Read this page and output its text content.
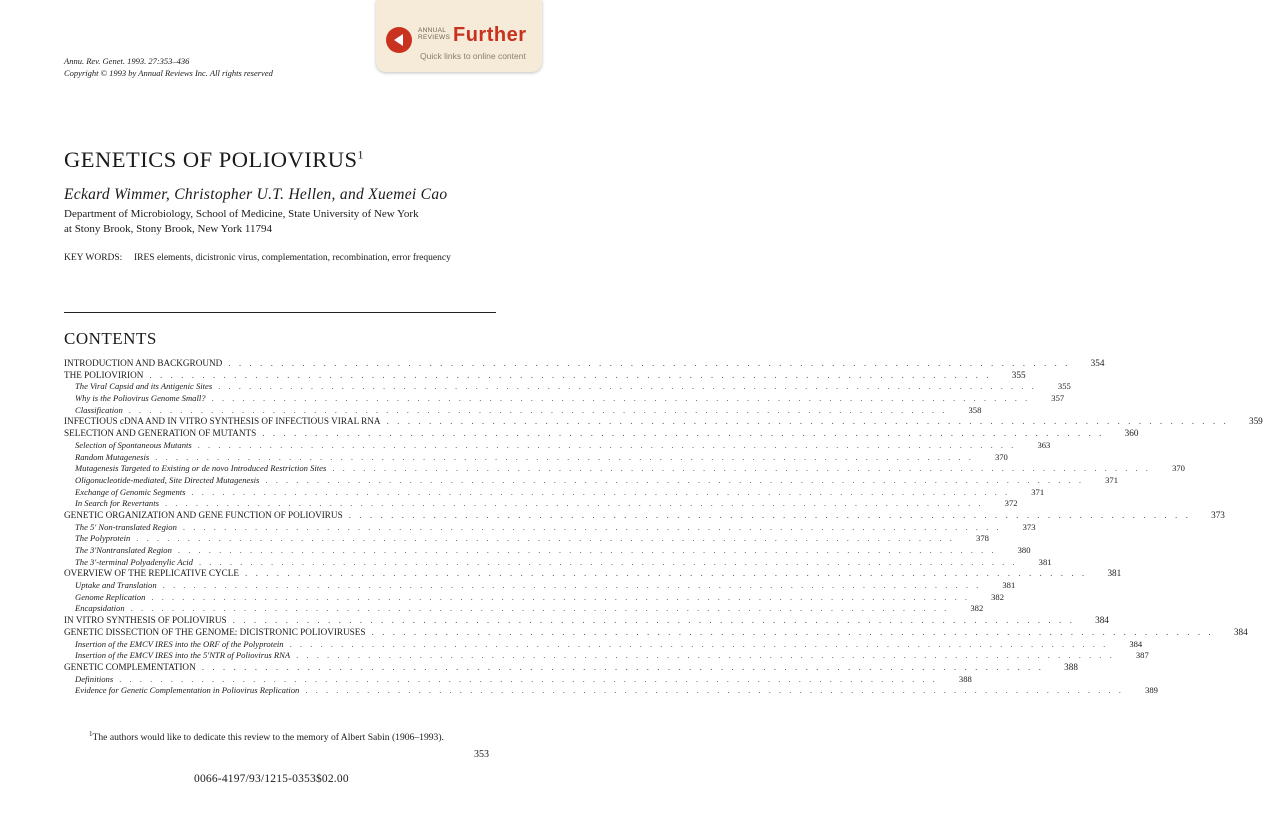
ANNUAL
REVIEWS Further
Quick links to online content
Annu. Rev. Genet. 1993. 27:353–436
Copyright © 1993 by Annual Reviews Inc. All rights reserved
GENETICS OF POLIOVIRUS$^1$
Eckard Wimmer, Christopher U.T. Hellen, and Xuemei Cao
Department of Microbiology, School of Medicine, State University of New York
at Stony Brook, Stony Brook, New York 11794
KEY WORDS: IRES elements, dicistronic virus, complementation, recombination, error frequency
CONTENTS
INTRODUCTION AND BACKGROUND . . . . . . . . . . . . . . . . . . . . . . . . . . . . . . . . . . . . . . . . . . . . . . . . . . . . . . . . . . . . . . . . . . . . . . . . . . . . . . . .	354
THE POLIOVIRION . . . . . . . . . . . . . . . . . . . . . . . . . . . . . . . . . . . . . . . . . . . . . . . . . . . . . . . . . . . . . . . . . . . . . . . . . . . . . . . .	355
The Viral Capsid and its Antigenic Sites . . . . . . . . . . . . . . . . . . . . . . . . . . . . . . . . . . . . . . . . . . . . . . . . . . . . . . . . . . . . . . . . . . . . . . . . . . . . . . . .	355
Why is the Poliovirus Genome Small? . . . . . . . . . . . . . . . . . . . . . . . . . . . . . . . . . . . . . . . . . . . . . . . . . . . . . . . . . . . . . . . . . . . . . . . . . . . . . . . .	357
Classification . . . . . . . . . . . . . . . . . . . . . . . . . . . . . . . . . . . . . . . . . . . . . . . . . . . . . . . . . . . . . . . . . . . . . . . . . . . . . . . .	358
INFECTIOUS cDNA AND IN VITRO SYNTHESIS OF INFECTIOUS VIRAL RNA . . . . . . . . . . . . . . . . . . . . . . . . . . . . . . . . . . . . . . . . . . . . . . . . . . . . . . . . . . . . . . . . . . . . . . . . . . . . . . . .	359
SELECTION AND GENERATION OF MUTANTS . . . . . . . . . . . . . . . . . . . . . . . . . . . . . . . . . . . . . . . . . . . . . . . . . . . . . . . . . . . . . . . . . . . . . . . . . . . . . . . .	360
Selection of Spontaneous Mutants . . . . . . . . . . . . . . . . . . . . . . . . . . . . . . . . . . . . . . . . . . . . . . . . . . . . . . . . . . . . . . . . . . . . . . . . . . . . . . . .	363
Random Mutagenesis . . . . . . . . . . . . . . . . . . . . . . . . . . . . . . . . . . . . . . . . . . . . . . . . . . . . . . . . . . . . . . . . . . . . . . . . . . . . . . . .	370
Mutagenesis Targeted to Existing or de novo Introduced Restriction Sites . . . . . . . . . . . . . . . . . . . . . . . . . . . . . . . . . . . . . . . . . . . . . . . . . . . . . . . . . . . . . . . . . . . . . . . . . . . . . . . .	370
Oligonucleotide-mediated, Site Directed Mutagenesis . . . . . . . . . . . . . . . . . . . . . . . . . . . . . . . . . . . . . . . . . . . . . . . . . . . . . . . . . . . . . . . . . . . . . . . . . . . . . . . .	371
Exchange of Genomic Segments . . . . . . . . . . . . . . . . . . . . . . . . . . . . . . . . . . . . . . . . . . . . . . . . . . . . . . . . . . . . . . . . . . . . . . . . . . . . . . . .	371
In Search for Revertants . . . . . . . . . . . . . . . . . . . . . . . . . . . . . . . . . . . . . . . . . . . . . . . . . . . . . . . . . . . . . . . . . . . . . . . . . . . . . . . .	372
GENETIC ORGANIZATION AND GENE FUNCTION OF POLIOVIRUS . . . . . . . . . . . . . . . . . . . . . . . . . . . . . . . . . . . . . . . . . . . . . . . . . . . . . . . . . . . . . . . . . . . . . . . . . . . . . . . .	373
The 5′ Non-translated Region . . . . . . . . . . . . . . . . . . . . . . . . . . . . . . . . . . . . . . . . . . . . . . . . . . . . . . . . . . . . . . . . . . . . . . . . . . . . . . . .	373
The Polyprotein . . . . . . . . . . . . . . . . . . . . . . . . . . . . . . . . . . . . . . . . . . . . . . . . . . . . . . . . . . . . . . . . . . . . . . . . . . . . . . . .	378
The 3′Nontranslated Region . . . . . . . . . . . . . . . . . . . . . . . . . . . . . . . . . . . . . . . . . . . . . . . . . . . . . . . . . . . . . . . . . . . . . . . . . . . . . . . .	380
The 3′-terminal Polyadenylic Acid . . . . . . . . . . . . . . . . . . . . . . . . . . . . . . . . . . . . . . . . . . . . . . . . . . . . . . . . . . . . . . . . . . . . . . . . . . . . . . . .	381
OVERVIEW OF THE REPLICATIVE CYCLE . . . . . . . . . . . . . . . . . . . . . . . . . . . . . . . . . . . . . . . . . . . . . . . . . . . . . . . . . . . . . . . . . . . . . . . . . . . . . . . .	381
Uptake and Translation . . . . . . . . . . . . . . . . . . . . . . . . . . . . . . . . . . . . . . . . . . . . . . . . . . . . . . . . . . . . . . . . . . . . . . . . . . . . . . . .	381
Genome Replication . . . . . . . . . . . . . . . . . . . . . . . . . . . . . . . . . . . . . . . . . . . . . . . . . . . . . . . . . . . . . . . . . . . . . . . . . . . . . . . .	382
Encapsidation . . . . . . . . . . . . . . . . . . . . . . . . . . . . . . . . . . . . . . . . . . . . . . . . . . . . . . . . . . . . . . . . . . . . . . . . . . . . . . . .	382
IN VITRO SYNTHESIS OF POLIOVIRUS . . . . . . . . . . . . . . . . . . . . . . . . . . . . . . . . . . . . . . . . . . . . . . . . . . . . . . . . . . . . . . . . . . . . . . . . . . . . . . . .	384
GENETIC DISSECTION OF THE GENOME: DICISTRONIC POLIOVIRUSES . . . . . . . . . . . . . . . . . . . . . . . . . . . . . . . . . . . . . . . . . . . . . . . . . . . . . . . . . . . . . . . . . . . . . . . . . . . . . . . .	384
Insertion of the EMCV IRES into the ORF of the Polyprotein . . . . . . . . . . . . . . . . . . . . . . . . . . . . . . . . . . . . . . . . . . . . . . . . . . . . . . . . . . . . . . . . . . . . . . . . . . . . . . . .	384
Insertion of the EMCV IRES into the 5′NTR of Poliovirus RNA . . . . . . . . . . . . . . . . . . . . . . . . . . . . . . . . . . . . . . . . . . . . . . . . . . . . . . . . . . . . . . . . . . . . . . . . . . . . . . . .	387
GENETIC COMPLEMENTATION . . . . . . . . . . . . . . . . . . . . . . . . . . . . . . . . . . . . . . . . . . . . . . . . . . . . . . . . . . . . . . . . . . . . . . . . . . . . . . . .	388
Definitions . . . . . . . . . . . . . . . . . . . . . . . . . . . . . . . . . . . . . . . . . . . . . . . . . . . . . . . . . . . . . . . . . . . . . . . . . . . . . . . .	388
Evidence for Genetic Complementation in Poliovirus Replication . . . . . . . . . . . . . . . . . . . . . . . . . . . . . . . . . . . . . . . . . . . . . . . . . . . . . . . . . . . . . . . . . . . . . . . . . . . . . . . .	389
$^1$The authors would like to dedicate this review to the memory of Albert Sabin (1906–1993).
353
0066-4197/93/1215-0353$02.00
